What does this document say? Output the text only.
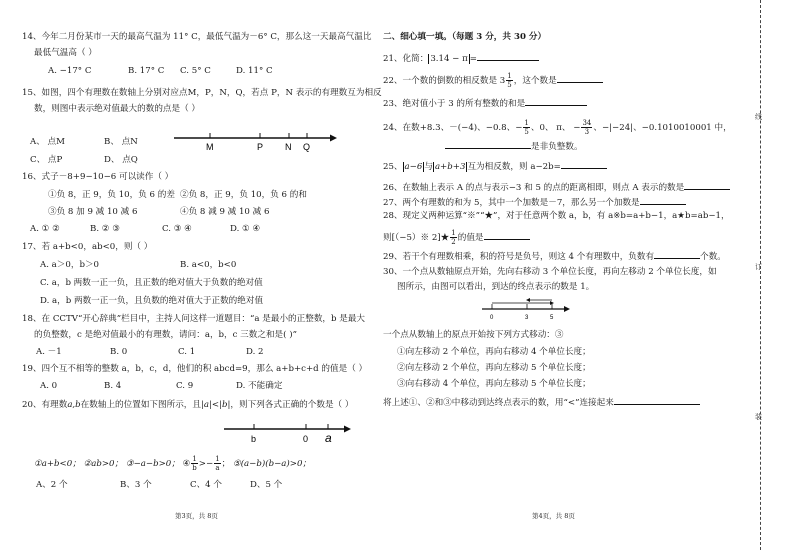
14、今年二月份某市一天的最高气温为 11° C，最低气温为－6° C，那么这一天最高气温比
最低气温高（ ）
A. −17° C	B. 17° C C. 5° C	D. 11° C
15、如图，四个有理数在数轴上分别对应点M，P，N，Q，若点 P，N 表示的有理数互为相反
数，则图中表示绝对值最大的数的点是（ ）
A、 点M	B、 点N
C、 点P	D、 点Q
M	P N Q
16、式子－8+9−10−6 可以读作（ ）
①负 8，正 9，负 10，负 6 的差 ②负 8，正 9，负 10，负 6 的和
③负 8 加 9 减 10 减 6	④负 8 减 9 减 10 减 6
A. ① ②	B. ② ③	C. ③ ④	D. ① ④
17、若 a+b<0，ab<0，则（ ）
A. a＞0，b＞0	B. a<0，b<0
C. a，b 两数一正一负，且正数的绝对值大于负数的绝对值
D. a，b 两数一正一负，且负数的绝对值大于正数的绝对值
18、在 CCTV“开心辞典”栏目中，主持人问这样一道题目：“a 是最小的正整数，b 是最大
的负整数，c 是绝对值最小的有理数，请问：a，b，c 三数之和是( )”
A. －1	B. 0	C. 1	D. 2
19、四个互不相等的整数 a，b，c，d，他们的积 abcd=9，那么 a+b+c+d 的值是（ ）
A. 0	B. 4	C. 9	D. 不能确定
20、有理数a,b在数轴上的位置如下图所示，且|a|<|b|，则下列各式正确的个数是（ ）
b	0 a
①a+b<0； ②ab>0； ③−a−b>0； ④ $\frac{1}{b} >- \frac{1}{a}$ ； ⑤(a−b)(b−a)>0；
A、2 个	B、3 个	C、4 个	D、5 个
第3页，共 8页
二、细心填一填。（每题 3 分，共 30 分）
21、化简： 3.14 − π =
22、一个数的倒数的相反数是 $3 \frac{1}{5}$ ，这个数是
23、绝对值小于 3 的所有整数的和是
24、在数+8.3、－(−4)、−0.8、− $\frac{1}{5}$ 、0、 π、 − $\frac{34}{3}$ 、−|−24|、−0.1010010001 中，
是非负整数。
25、 a−6 与 a+b+3 互为相反数，则 a−2b=
26、在数轴上表示 A 的点与表示−3 和 5 的点的距离相即，则点 A 表示的数是
27、两个有理数的和为 5，其中一个加数是－7，那么另一个加数是
28、现定义两种运算“※”“★”，对于任意两个数 a，b，有 a※b=a+b−1，a★b=ab−1，
则[（−5）※ 2]★ $\frac{1}{2}$ 的值是
29、若干个有理数相乘，积的符号是负号，则这 4 个有理数中，负数有	个数。
30、一个点从数轴原点开始，先向右移动 3 个单位长度，再向左移动 2 个单位长度，如
图所示，由图可以看出，到达的终点表示的数是 1。
0	3	5
一个点从数轴上的原点开始按下列方式移动：③
①向左移动 2 个单位，再向右移动 4 个单位长度；
②向左移动 2 个单位，再向左移动 5 个单位长度；
③向右移动 4 个单位，再向左移动 5 个单位长度；
将上述①、②和③中移动到达终点表示的数，用“<”连接起来
第4页，共 8页
线
订
装
